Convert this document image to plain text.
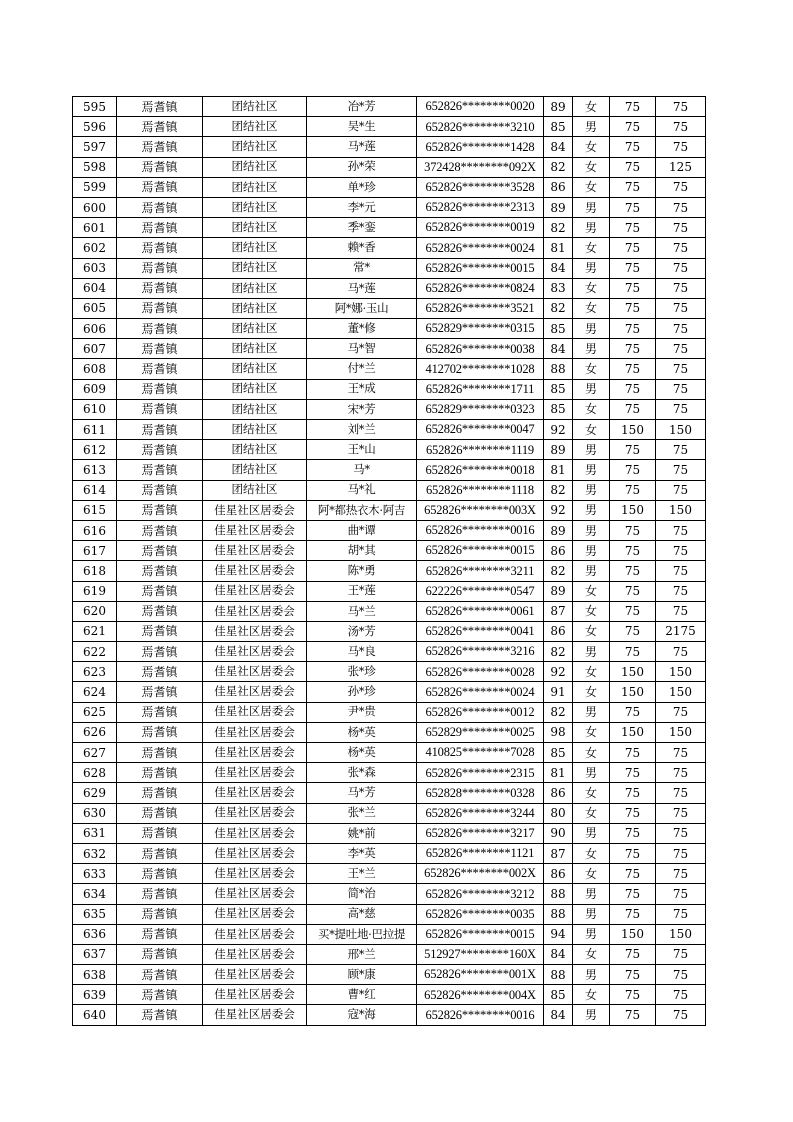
595	焉耆镇	团结社区	冶*芳	652826********0020	89	女	75	75
596	焉耆镇	团结社区	吴*生	652826********3210	85	男	75	75
597	焉耆镇	团结社区	马*莲	652826********1428	84	女	75	75
598	焉耆镇	团结社区	孙*荣	372428********092X	82	女	75	125
599	焉耆镇	团结社区	单*珍	652826********3528	86	女	75	75
600	焉耆镇	团结社区	李*元	652826********2313	89	男	75	75
601	焉耆镇	团结社区	季*銮	652826********0019	82	男	75	75
602	焉耆镇	团结社区	赖*香	652826********0024	81	女	75	75
603	焉耆镇	团结社区	常*	652826********0015	84	男	75	75
604	焉耆镇	团结社区	马*莲	652826********0824	83	女	75	75
605	焉耆镇	团结社区	阿*娜·玉山	652826********3521	82	女	75	75
606	焉耆镇	团结社区	董*修	652829********0315	85	男	75	75
607	焉耆镇	团结社区	马*智	652826********0038	84	男	75	75
608	焉耆镇	团结社区	付*兰	412702********1028	88	女	75	75
609	焉耆镇	团结社区	王*成	652826********1711	85	男	75	75
610	焉耆镇	团结社区	宋*芳	652829********0323	85	女	75	75
611	焉耆镇	团结社区	刘*兰	652826********0047	92	女	150	150
612	焉耆镇	团结社区	王*山	652826********1119	89	男	75	75
613	焉耆镇	团结社区	马*	652826********0018	81	男	75	75
614	焉耆镇	团结社区	马*礼	652826********1118	82	男	75	75
615	焉耆镇	佳星社区居委会	阿*都热衣木·阿吉	652826********003X	92	男	150	150
616	焉耆镇	佳星社区居委会	曲*谭	652826********0016	89	男	75	75
617	焉耆镇	佳星社区居委会	胡*其	652826********0015	86	男	75	75
618	焉耆镇	佳星社区居委会	陈*勇	652826********3211	82	男	75	75
619	焉耆镇	佳星社区居委会	王*莲	622226********0547	89	女	75	75
620	焉耆镇	佳星社区居委会	马*兰	652826********0061	87	女	75	75
621	焉耆镇	佳星社区居委会	汤*芳	652826********0041	86	女	75	2175
622	焉耆镇	佳星社区居委会	马*良	652826********3216	82	男	75	75
623	焉耆镇	佳星社区居委会	张*珍	652826********0028	92	女	150	150
624	焉耆镇	佳星社区居委会	孙*珍	652826********0024	91	女	150	150
625	焉耆镇	佳星社区居委会	尹*贵	652826********0012	82	男	75	75
626	焉耆镇	佳星社区居委会	杨*英	652829********0025	98	女	150	150
627	焉耆镇	佳星社区居委会	杨*英	410825********7028	85	女	75	75
628	焉耆镇	佳星社区居委会	张*森	652826********2315	81	男	75	75
629	焉耆镇	佳星社区居委会	马*芳	652828********0328	86	女	75	75
630	焉耆镇	佳星社区居委会	张*兰	652826********3244	80	女	75	75
631	焉耆镇	佳星社区居委会	姚*前	652826********3217	90	男	75	75
632	焉耆镇	佳星社区居委会	李*英	652826********1121	87	女	75	75
633	焉耆镇	佳星社区居委会	王*兰	652826********002X	86	女	75	75
634	焉耆镇	佳星社区居委会	简*治	652826********3212	88	男	75	75
635	焉耆镇	佳星社区居委会	高*慈	652826********0035	88	男	75	75
636	焉耆镇	佳星社区居委会	买*提吐地·巴拉提	652826********0015	94	男	150	150
637	焉耆镇	佳星社区居委会	邢*兰	512927********160X	84	女	75	75
638	焉耆镇	佳星社区居委会	顾*康	652826********001X	88	男	75	75
639	焉耆镇	佳星社区居委会	曹*红	652826********004X	85	女	75	75
640	焉耆镇	佳星社区居委会	寇*海	652826********0016	84	男	75	75
